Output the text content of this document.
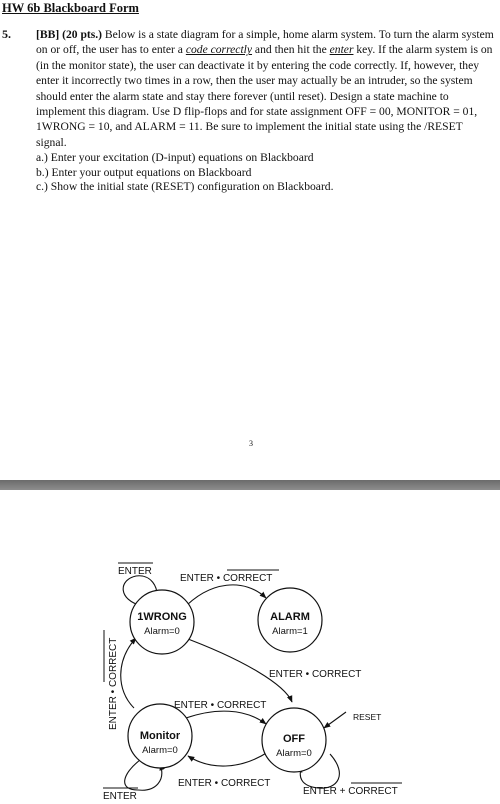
HW 6b Blackboard Form
5. [BB] (20 pts.) Below is a state diagram for a simple, home alarm system. To turn the alarm system on or off, the user has to enter a code correctly and then hit the enter key. If the alarm system is on (in the monitor state), the user can deactivate it by entering the code correctly. If, however, they enter it incorrectly two times in a row, then the user may actually be an intruder, so the system should enter the alarm state and stay there forever (until reset). Design a state machine to implement this diagram. Use D flip-flops and for state assignment OFF = 00, MONITOR = 01, 1WRONG = 10, and ALARM = 11. Be sure to implement the initial state using the /RESET signal.

a.) Enter your excitation (D-input) equations on Blackboard
b.) Enter your output equations on Blackboard
c.) Show the initial state (RESET) configuration on Blackboard.
3
1WRONG
Alarm=0
ALARM
Alarm=1
Monitor
Alarm=0
OFF
Alarm=0
ENTER
ENTER • CORRECT
ENTER • CORRECT
ENTER • CORRECT	ENTER • CORRECT
ENTER • CORRECT
ENTER	ENTER + CORRECT
RESET
